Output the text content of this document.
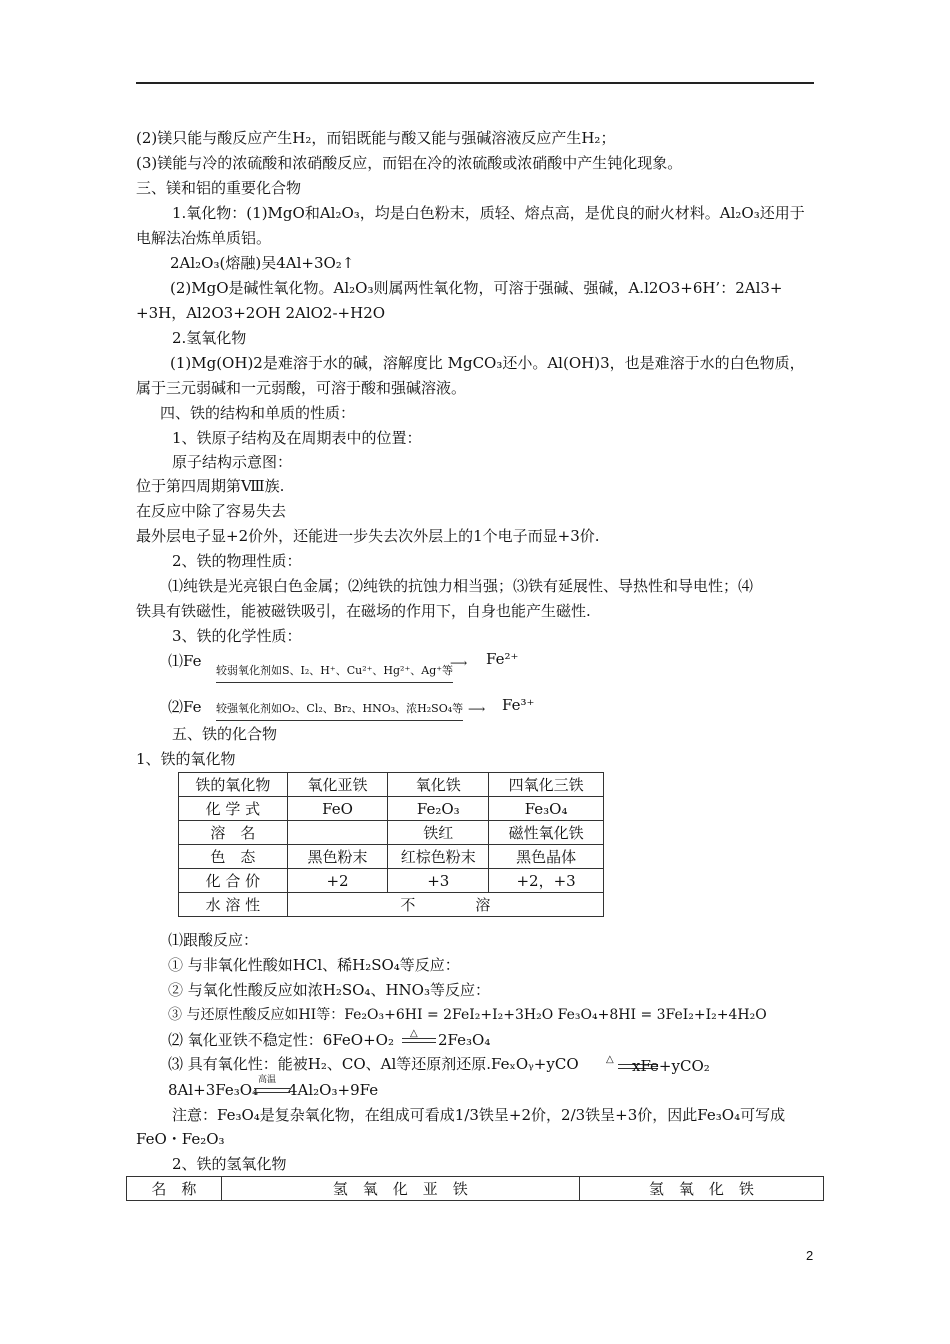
(2)镁只能与酸反应产生H₂，而铝既能与酸又能与强碱溶液反应产生H₂；
(3)镁能与冷的浓硫酸和浓硝酸反应，而铝在冷的浓硫酸或浓硝酸中产生钝化现象。
三、镁和铝的重要化合物
1.氧化物：(1)MgO和Al₂O₃，均是白色粉末，质轻、熔点高，是优良的耐火材料。Al₂O₃还用于
电解法冶炼单质铝。
2Al₂O₃(熔融)吴4Al+3O₂↑
(2)MgO是碱性氧化物。Al₂O₃则属两性氧化物，可溶于强碱、强碱，A.l2O3+6H’：2Al3+
+3H，Al2O3+2OH 2AlO2-+H2O
2.氢氧化物
(1)Mg(OH)2是难溶于水的碱，溶解度比 MgCO₃还小。Al(OH)3，也是难溶于水的白色物质，
属于三元弱碱和一元弱酸，可溶于酸和强碱溶液。
四、铁的结构和单质的性质：
1、铁原子结构及在周期表中的位置：
原子结构示意图：
位于第四周期第Ⅷ族.
在反应中除了容易失去
最外层电子显+2价外，还能进一步失去次外层上的1个电子而显+3价.
2、铁的物理性质：
⑴纯铁是光亮银白色金属；⑵纯铁的抗蚀力相当强；⑶铁有延展性、导热性和导电性；⑷
铁具有铁磁性，能被磁铁吸引，在磁场的作用下，自身也能产生磁性.
3、铁的化学性质：
⑴Fe
较弱氧化剂如S、I₂、H⁺、Cu²⁺、Hg²⁺、Ag⁺等
⟶ Fe²⁺
⑵Fe 较强氧化剂如O₂、Cl₂、Br₂、HNO₃、浓H₂SO₄等 ⟶ Fe³⁺
五、铁的化合物
1、铁的氧化物
铁的氧化物	氧化亚铁	氧化铁	四氧化三铁
化 学 式	FeO	Fe₂O₃	Fe₃O₄
溶　名		铁红	磁性氧化铁
色　态	黑色粉末	红棕色粉末	黑色晶体
化 合 价	+2	+3	+2，+3
水 溶 性	不　　　　溶		
⑴跟酸反应：
① 与非氧化性酸如HCl、稀H₂SO₄等反应：
② 与氧化性酸反应如浓H₂SO₄、HNO₃等反应：
③ 与还原性酸反应如HI等：Fe₂O₃+6HI = 2FeI₂+I₂+3H₂O Fe₃O₄+8HI = 3FeI₂+I₂+4H₂O
⑵ 氧化亚铁不稳定性：6FeO+O₂ △ 2Fe₃O₄
⑶ 具有氧化性：能被H₂、CO、Al等还原剂还原.FeₓOᵧ+yCO	△ xFe+yCO₂
8Al+3Fe₃O₄
高温
4Al₂O₃+9Fe
注意：Fe₃O₄是复杂氧化物，在组成可看成1/3铁呈+2价，2/3铁呈+3价，因此Fe₃O₄可写成
FeO・Fe₂O₃
2、铁的氢氧化物
名　称	氢　氧　化　亚　铁	氢　氧　化　铁
2
